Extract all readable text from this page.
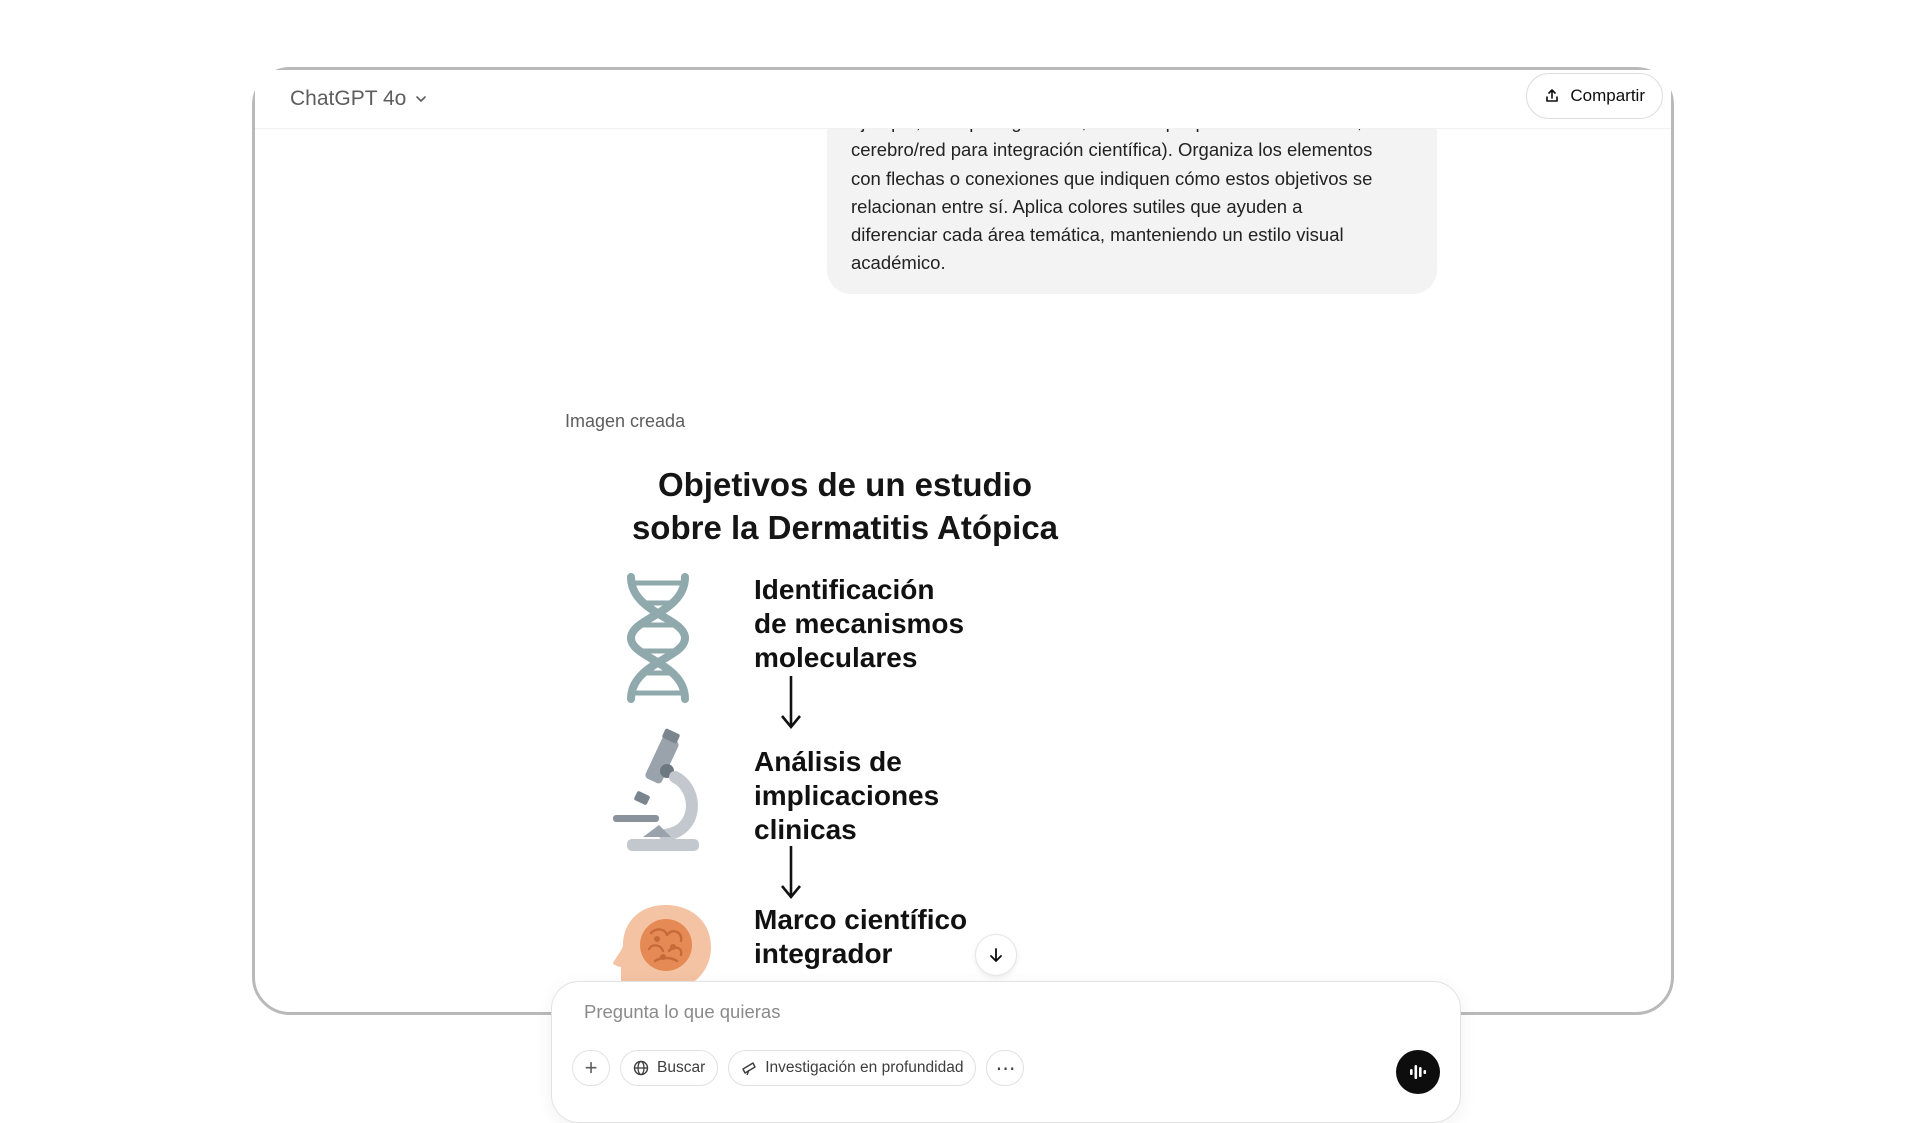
ChatGPT 4o	Compartir
cerebro/red para integración científica). Organiza los elementos
con flechas o conexiones que indiquen cómo estos objetivos se
relacionan entre sí. Aplica colores sutiles que ayuden a
diferenciar cada área temática, manteniendo un estilo visual
académico.
Imagen creada
Objetivos de un estudio
sobre la Dermatitis Atópica
Identificación
de mecanismos
moleculares
Análisis de
implicaciones
clinicas
Marco científico
integrador
Pregunta lo que quieras
+	Buscar	Investigación en profundidad ⋯
